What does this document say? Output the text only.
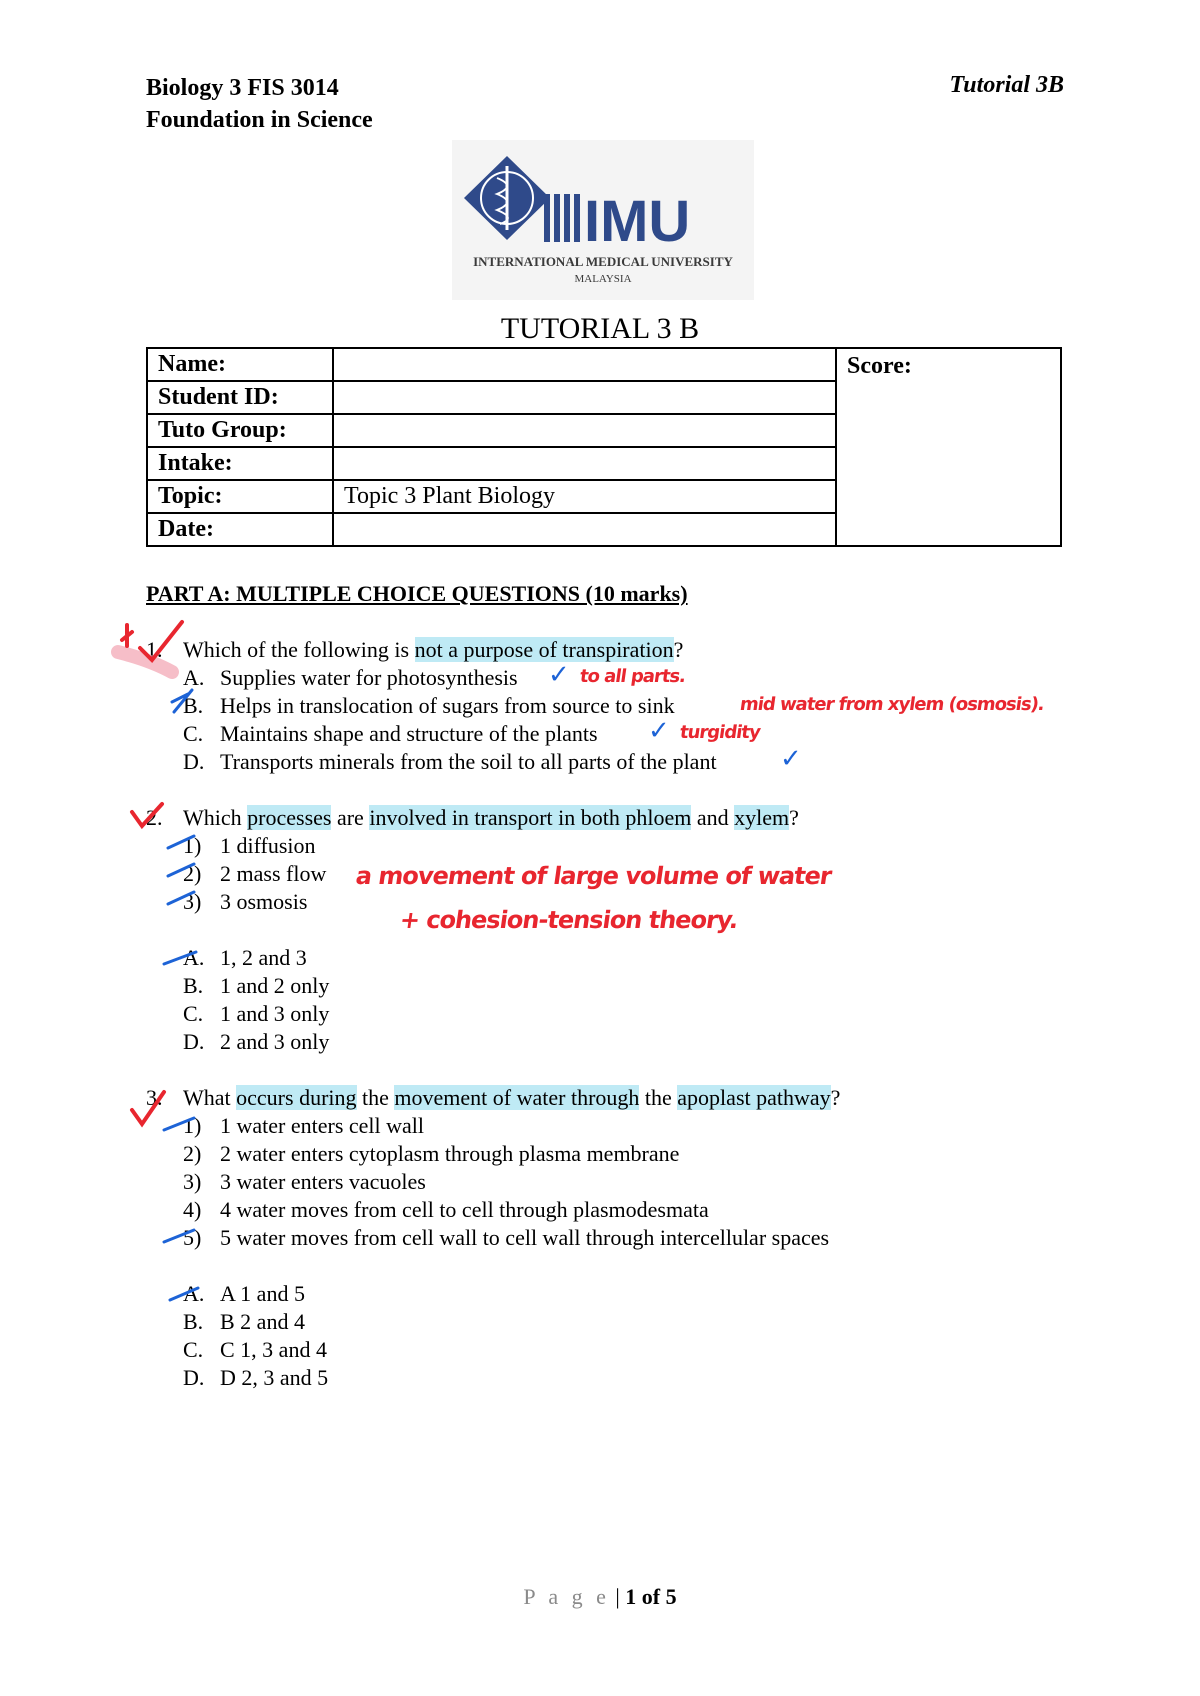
Biology 3 FIS 3014
Foundation in Science
Tutorial 3B
IMU
INTERNATIONAL MEDICAL UNIVERSITY
MALAYSIA
TUTORIAL 3 B
Name:		Score:
Student ID:		
Tuto Group:		
Intake:		
Topic:	Topic 3 Plant Biology	
Date:		
PART A: MULTIPLE CHOICE QUESTIONS (10 marks)
1. Which of the following is not a purpose of transpiration?
A. Supplies water for photosynthesis
B. Helps in translocation of sugars from source to sink
C. Maintains shape and structure of the plants
D. Transports minerals from the soil to all parts of the plant
✓ to all parts.
mid water from xylem (osmosis).
✓ turgidity
✓
2. Which processes are involved in transport in both phloem and xylem?
1) 1 diffusion
2) 2 mass flow
3) 3 osmosis
A. 1, 2 and 3
B. 1 and 2 only
C. 1 and 3 only
D. 2 and 3 only
a movement of large volume of water
+ cohesion-tension theory.
3. What occurs during the movement of water through the apoplast pathway?
1) 1 water enters cell wall
2) 2 water enters cytoplasm through plasma membrane
3) 3 water enters vacuoles
4) 4 water moves from cell to cell through plasmodesmata
5) 5 water moves from cell wall to cell wall through intercellular spaces
A. A 1 and 5
B. B 2 and 4
C. C 1, 3 and 4
D. D 2, 3 and 5
P a g e | 1 of 5
